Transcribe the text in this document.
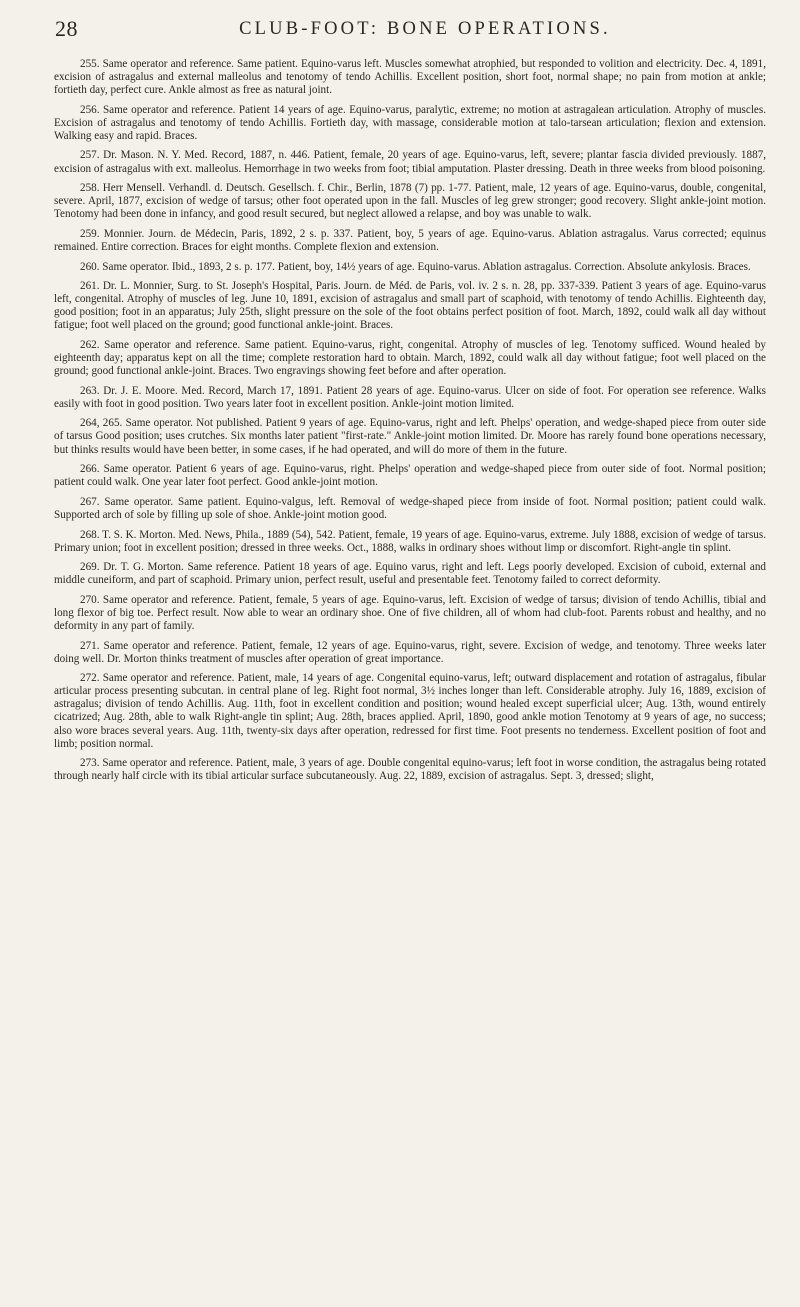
28	CLUB-FOOT: BONE OPERATIONS.

255. Same operator and reference. Same patient. Equino-varus left. Muscles somewhat atrophied, but responded to volition and electricity. Dec. 4, 1891, excision of astragalus and external malleolus and tenotomy of tendo Achillis. Excellent position, short foot, normal shape; no pain from motion at ankle; fortieth day, perfect cure. Ankle almost as free as natural joint.

256. Same operator and reference. Patient 14 years of age. Equino-varus, paralytic, extreme; no motion at astragalean articulation. Atrophy of muscles. Excision of astragalus and tenotomy of tendo Achillis. Fortieth day, with massage, considerable motion at talo-tarsean articulation; flexion and extension. Walking easy and rapid. Braces.

257. Dr. Mason. N. Y. Med. Record, 1887, n. 446. Patient, female, 20 years of age. Equino-varus, left, severe; plantar fascia divided previously. 1887, excision of astragalus with ext. malleolus. Hemorrhage in two weeks from foot; tibial amputation. Plaster dressing. Death in three weeks from blood poisoning.

258. Herr Mensell. Verhandl. d. Deutsch. Gesellsch. f. Chir., Berlin, 1878 (7) pp. 1-77. Patient, male, 12 years of age. Equino-varus, double, congenital, severe. April, 1877, excision of wedge of tarsus; other foot operated upon in the fall. Muscles of leg grew stronger; good recovery. Slight ankle-joint motion. Tenotomy had been done in infancy, and good result secured, but neglect allowed a relapse, and boy was unable to walk.

259. Monnier. Journ. de Médecin, Paris, 1892, 2 s. p. 337. Patient, boy, 5 years of age. Equino-varus. Ablation astragalus. Varus corrected; equinus remained. Entire correction. Braces for eight months. Complete flexion and extension.

260. Same operator. Ibid., 1893, 2 s. p. 177. Patient, boy, 14½ years of age. Equino-varus. Ablation astragalus. Correction. Absolute ankylosis. Braces.

261. Dr. L. Monnier, Surg. to St. Joseph's Hospital, Paris. Journ. de Méd. de Paris, vol. iv. 2 s. n. 28, pp. 337-339. Patient 3 years of age. Equino-varus left, congenital. Atrophy of muscles of leg. June 10, 1891, excision of astragalus and small part of scaphoid, with tenotomy of tendo Achillis. Eighteenth day, good position; foot in an apparatus; July 25th, slight pressure on the sole of the foot obtains perfect position of foot. March, 1892, could walk all day without fatigue; foot well placed on the ground; good functional ankle-joint. Braces.

262. Same operator and reference. Same patient. Equino-varus, right, congenital. Atrophy of muscles of leg. Tenotomy sufficed. Wound healed by eighteenth day; apparatus kept on all the time; complete restoration hard to obtain. March, 1892, could walk all day without fatigue; foot well placed on the ground; good functional ankle-joint. Braces. Two engravings showing feet before and after operation.

263. Dr. J. E. Moore. Med. Record, March 17, 1891. Patient 28 years of age. Equino-varus. Ulcer on side of foot. For operation see reference. Walks easily with foot in good position. Two years later foot in excellent position. Ankle-joint motion limited.

264, 265. Same operator. Not published. Patient 9 years of age. Equino-varus, right and left. Phelps' operation, and wedge-shaped piece from outer side of tarsus Good position; uses crutches. Six months later patient "first-rate." Ankle-joint motion limited. Dr. Moore has rarely found bone operations necessary, but thinks results would have been better, in some cases, if he had operated, and will do more of them in the future.

266. Same operator. Patient 6 years of age. Equino-varus, right. Phelps' operation and wedge-shaped piece from outer side of foot. Normal position; patient could walk. One year later foot perfect. Good ankle-joint motion.

267. Same operator. Same patient. Equino-valgus, left. Removal of wedge-shaped piece from inside of foot. Normal position; patient could walk. Supported arch of sole by filling up sole of shoe. Ankle-joint motion good.

268. T. S. K. Morton. Med. News, Phila., 1889 (54), 542. Patient, female, 19 years of age. Equino-varus, extreme. July 1888, excision of wedge of tarsus. Primary union; foot in excellent position; dressed in three weeks. Oct., 1888, walks in ordinary shoes without limp or discomfort. Right-angle tin splint.

269. Dr. T. G. Morton. Same reference. Patient 18 years of age. Equino varus, right and left. Legs poorly developed. Excision of cuboid, external and middle cuneiform, and part of scaphoid. Primary union, perfect result, useful and presentable feet. Tenotomy failed to correct deformity.

270. Same operator and reference. Patient, female, 5 years of age. Equino-varus, left. Excision of wedge of tarsus; division of tendo Achillis, tibial and long flexor of big toe. Perfect result. Now able to wear an ordinary shoe. One of five children, all of whom had club-foot. Parents robust and healthy, and no deformity in any part of family.

271. Same operator and reference. Patient, female, 12 years of age. Equino-varus, right, severe. Excision of wedge, and tenotomy. Three weeks later doing well. Dr. Morton thinks treatment of muscles after operation of great importance.

272. Same operator and reference. Patient, male, 14 years of age. Congenital equino-varus, left; outward displacement and rotation of astragalus, fibular articular process presenting subcutan. in central plane of leg. Right foot normal, 3½ inches longer than left. Considerable atrophy. July 16, 1889, excision of astragalus; division of tendo Achillis. Aug. 11th, foot in excellent condition and position; wound healed except superficial ulcer; Aug. 13th, wound entirely cicatrized; Aug. 28th, able to walk Right-angle tin splint; Aug. 28th, braces applied. April, 1890, good ankle motion Tenotomy at 9 years of age, no success; also wore braces several years. Aug. 11th, twenty-six days after operation, redressed for first time. Foot presents no tenderness. Excellent position of foot and limb; position normal.

273. Same operator and reference. Patient, male, 3 years of age. Double congenital equino-varus; left foot in worse condition, the astragalus being rotated through nearly half circle with its tibial articular surface subcutaneously. Aug. 22, 1889, excision of astragalus. Sept. 3, dressed; slight,
